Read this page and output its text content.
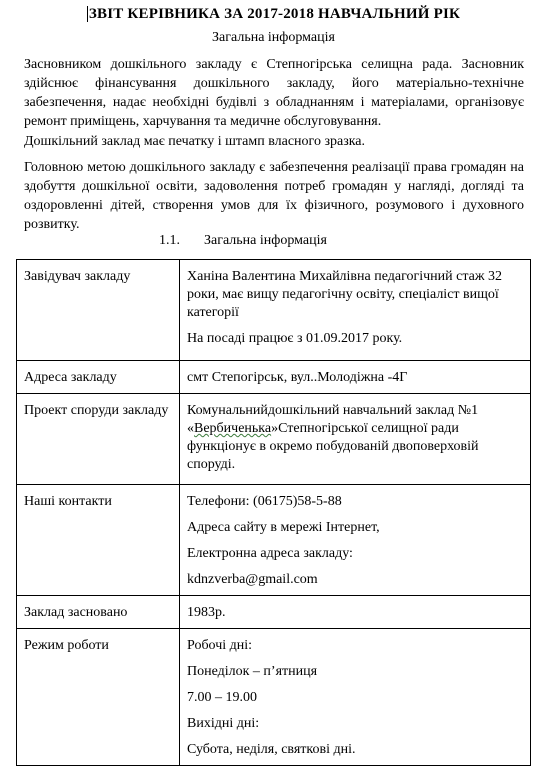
ЗВІТ КЕРІВНИКА ЗА 2017-2018 НАВЧАЛЬНИЙ РІК
Загальна інформація

Засновником дошкільного закладу є Степногірська селищна рада. Засновник здійснює фінансування дошкільного закладу, його матеріально-технічне забезпечення, надає необхідні будівлі з обладнанням і матеріалами, організовує ремонт приміщень, харчування та медичне обслуговування.

Дошкільний заклад має печатку і штамп власного зразка.

Головною метою дошкільного закладу є забезпечення реалізації права громадян на здобуття дошкільної освіти, задоволення потреб громадян у нагляді, догляді та оздоровленні дітей, створення умов для їх фізичного, розумового і духовного розвитку.

1.1. Загальна інформація
Завідувач закладу	Ханіна Валентина Михайлівна педагогічний стаж 32 роки, має вищу педагогічну освіту, спеціаліст вищої категорії

На посаді працює з 01.09.2017 року.

Адреса закладу	смт Степогірськ, вул..Молодіжна -4Г

Проект споруди закладу	Комунальнийдошкільний навчальний заклад №1 «Вербиченька»Степногірської селищної ради функціонує в окремо побудованій двоповерховій споруді.

Наші контакти	Телефони: (06175)58-5-88

Адреса сайту в мережі Інтернет,

Електронна адреса закладу:

kdnzverba@gmail.com

Заклад засновано	1983р.

Режим роботи	Робочі дні:

Понеділок – п’ятниця

7.00 – 19.00

Вихідні дні:

Субота, неділя, святкові дні.
